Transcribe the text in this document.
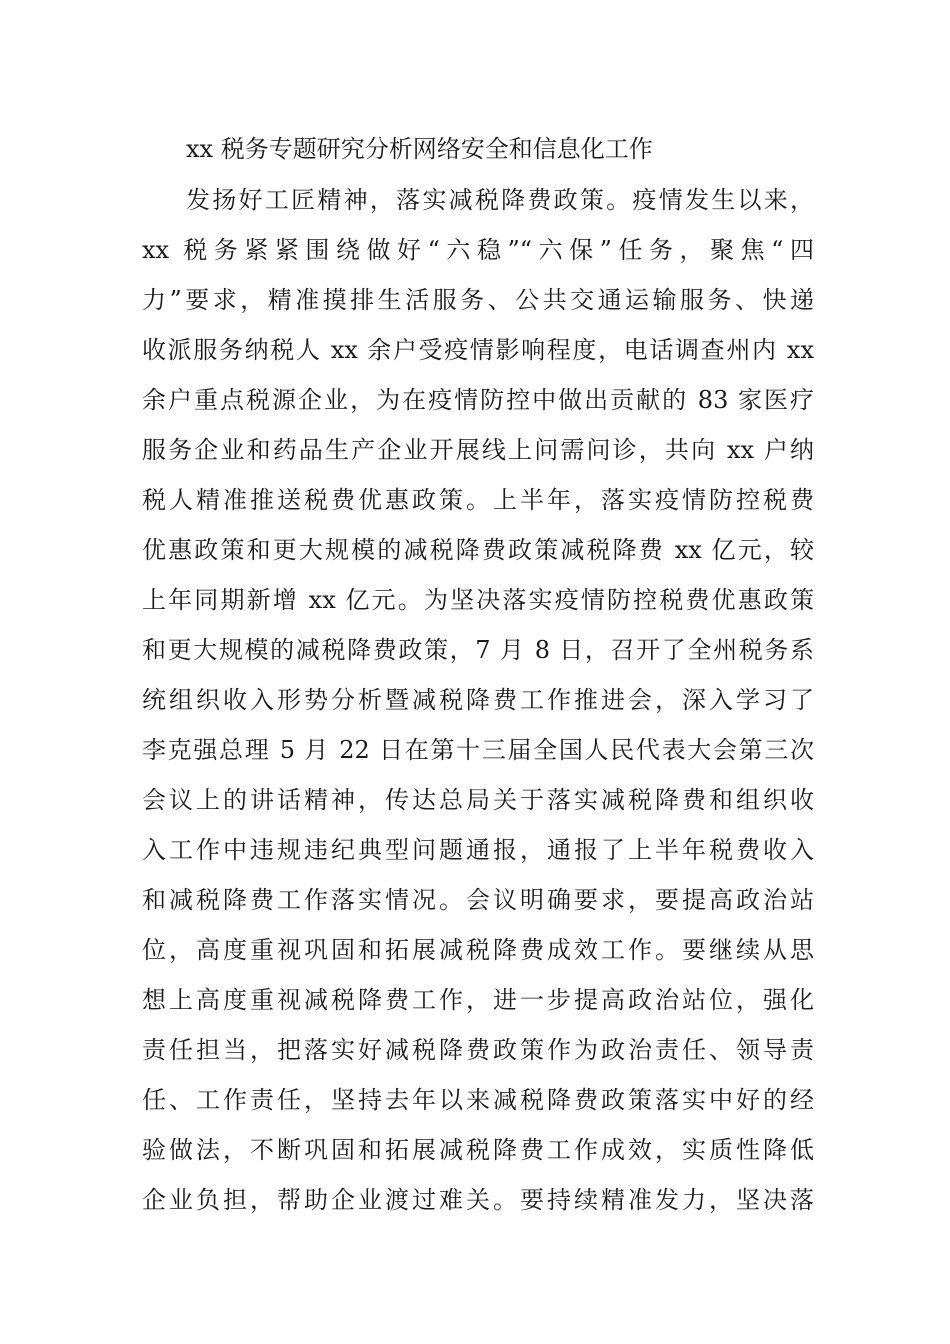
xx 税务专题研究分析网络安全和信息化工作
发扬好工匠精神，落实减税降费政策。疫情发生以来，
xx 税务紧紧围绕做好“六稳”“六保”任务，聚焦“四
力”要求，精准摸排生活服务、公共交通运输服务、快递
收派服务纳税人 xx 余户受疫情影响程度，电话调查州内 xx
余户重点税源企业，为在疫情防控中做出贡献的 83 家医疗
服务企业和药品生产企业开展线上问需问诊，共向 xx 户纳
税人精准推送税费优惠政策。上半年，落实疫情防控税费
优惠政策和更大规模的减税降费政策减税降费 xx 亿元，较
上年同期新增 xx 亿元。为坚决落实疫情防控税费优惠政策
和更大规模的减税降费政策，7 月 8 日，召开了全州税务系
统组织收入形势分析暨减税降费工作推进会，深入学习了
李克强总理 5 月 22 日在第十三届全国人民代表大会第三次
会议上的讲话精神，传达总局关于落实减税降费和组织收
入工作中违规违纪典型问题通报，通报了上半年税费收入
和减税降费工作落实情况。会议明确要求，要提高政治站
位，高度重视巩固和拓展减税降费成效工作。要继续从思
想上高度重视减税降费工作，进一步提高政治站位，强化
责任担当，把落实好减税降费政策作为政治责任、领导责
任、工作责任，坚持去年以来减税降费政策落实中好的经
验做法，不断巩固和拓展减税降费工作成效，实质性降低
企业负担，帮助企业渡过难关。要持续精准发力，坚决落
